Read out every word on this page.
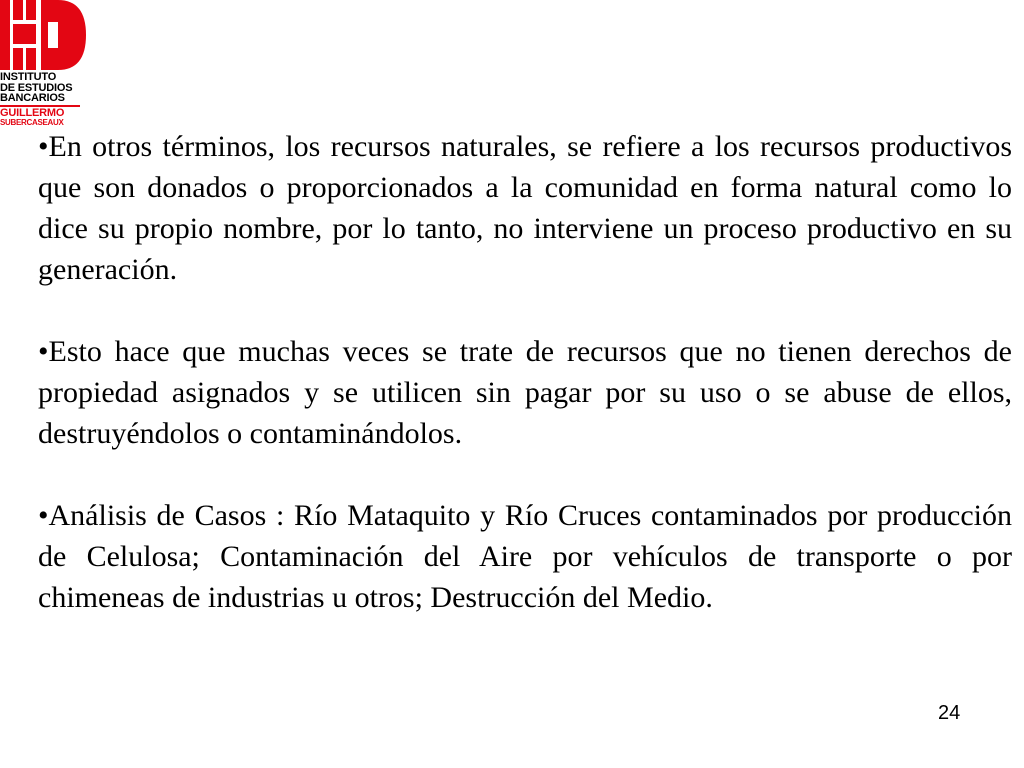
INSTITUTO
DE ESTUDIOS
BANCARIOS
GUILLERMO
SUBERCASEAUX

•En otros términos, los recursos naturales, se refiere a los recursos productivos que son donados o proporcionados a la comunidad en forma natural como lo dice su propio nombre, por lo tanto, no interviene un proceso productivo en su generación.

•Esto hace que muchas veces se trate de recursos que no tienen derechos de propiedad asignados y se utilicen sin pagar por su uso o se abuse de ellos, destruyéndolos o contaminándolos.

•Análisis de Casos : Río Mataquito y Río Cruces contaminados por producción de Celulosa; Contaminación del Aire por vehículos de transporte o por chimeneas de industrias u otros; Destrucción del Medio.

24
